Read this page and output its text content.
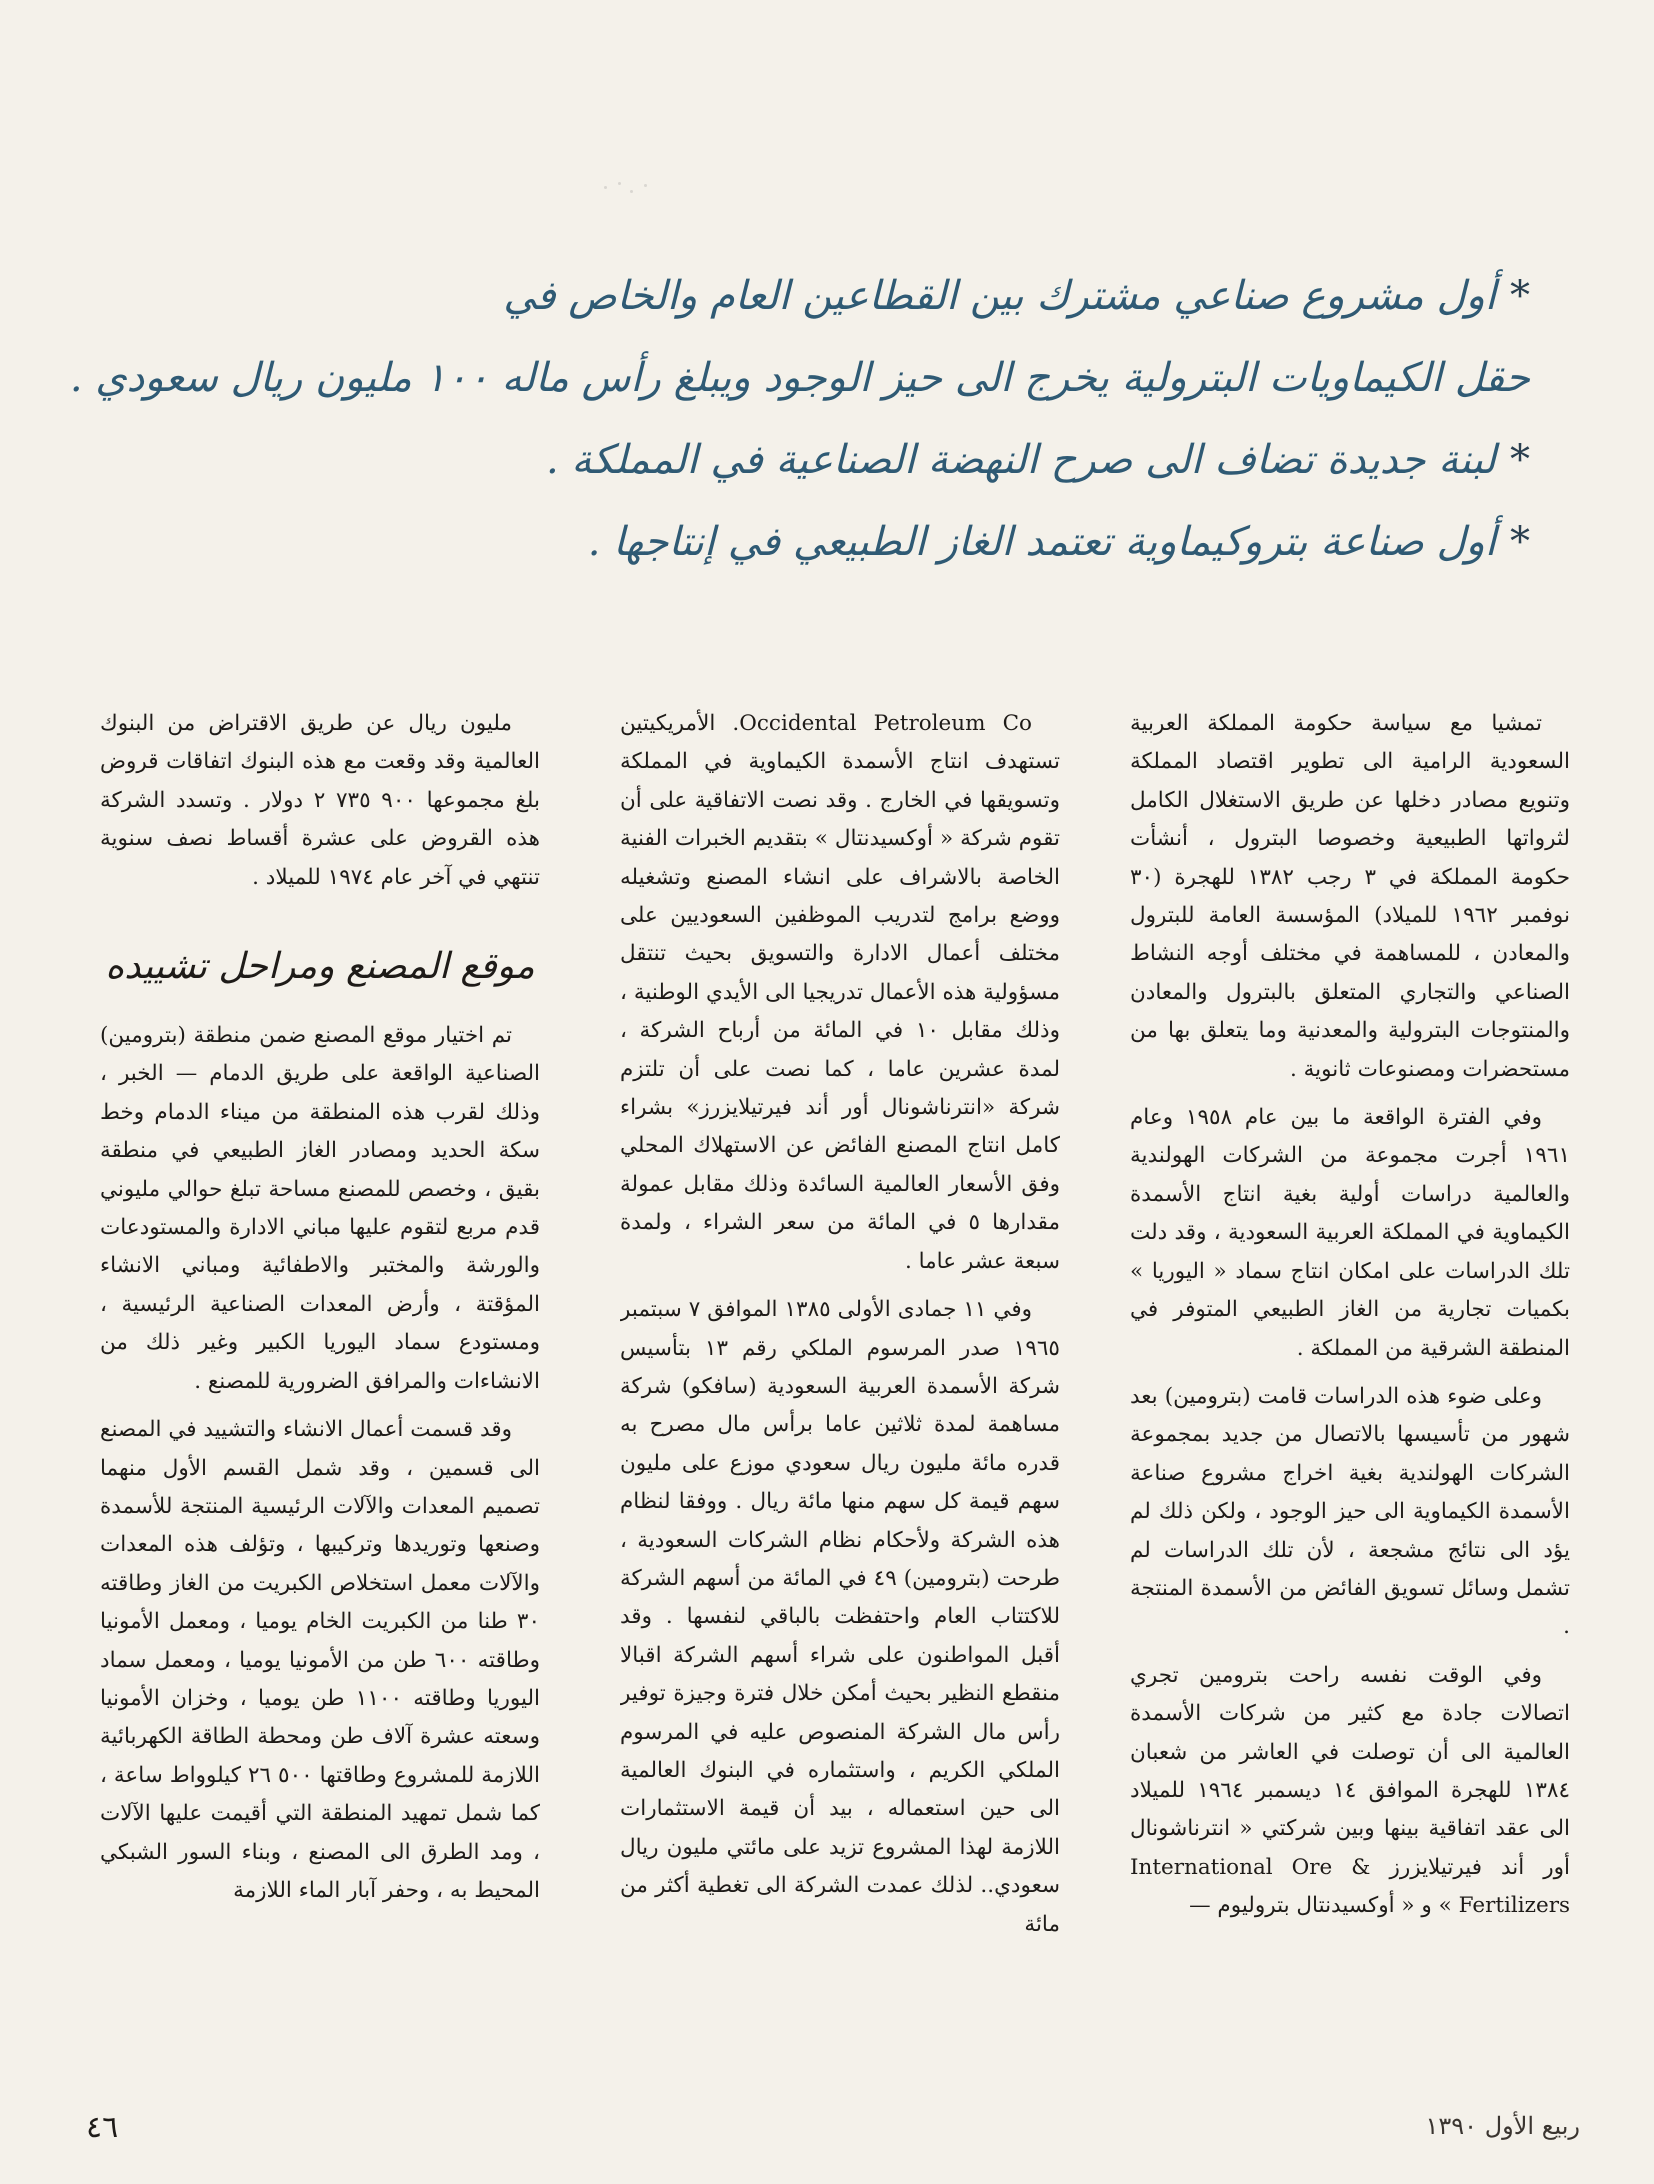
*أول مشروع صناعي مشترك بين القطاعين العام والخاص في
حقل الكيماويات البترولية يخرج الى حيز الوجود ويبلغ رأس ماله ١٠٠ مليون ريال سعودي .
*لبنة جديدة تضاف الى صرح النهضة الصناعية في المملكة .
*أول صناعة بتروكيماوية تعتمد الغاز الطبيعي في إنتاجها .

تمشيا مع سياسة حكومة المملكة العربية السعودية الرامية الى تطوير اقتصاد المملكة وتنويع مصادر دخلها عن طريق الاستغلال الكامل لثرواتها الطبيعية وخصوصا البترول ، أنشأت حكومة المملكة في ٣ رجب ١٣٨٢ للهجرة (٣٠ نوفمبر ١٩٦٢ للميلاد) المؤسسة العامة للبترول والمعادن ، للمساهمة في مختلف أوجه النشاط الصناعي والتجاري المتعلق بالبترول والمعادن والمنتوجات البترولية والمعدنية وما يتعلق بها من مستحضرات ومصنوعات ثانوية .

وفي الفترة الواقعة ما بين عام ١٩٥٨ وعام ١٩٦١ أجرت مجموعة من الشركات الهولندية والعالمية دراسات أولية بغية انتاج الأسمدة الكيماوية في المملكة العربية السعودية ، وقد دلت تلك الدراسات على امكان انتاج سماد « اليوريا » بكميات تجارية من الغاز الطبيعي المتوفر في المنطقة الشرقية من المملكة .

وعلى ضوء هذه الدراسات قامت (بترومين) بعد شهور من تأسيسها بالاتصال من جديد بمجموعة الشركات الهولندية بغية اخراج مشروع صناعة الأسمدة الكيماوية الى حيز الوجود ، ولكن ذلك لم يؤد الى نتائج مشجعة ، لأن تلك الدراسات لم تشمل وسائل تسويق الفائض من الأسمدة المنتجة .

وفي الوقت نفسه راحت بترومين تجري اتصالات جادة مع كثير من شركات الأسمدة العالمية الى أن توصلت في العاشر من شعبان ١٣٨٤ للهجرة الموافق ١٤ ديسمبر ١٩٦٤ للميلاد الى عقد اتفاقية بينها وبين شركتي « انترناشونال أور أند فيرتيلايزرز International Ore & Fertilizers » و « أوكسيدنتال بتروليوم —

Occidental Petroleum Co. الأمريكيتين تستهدف انتاج الأسمدة الكيماوية في المملكة وتسويقها في الخارج . وقد نصت الاتفاقية على أن تقوم شركة « أوكسيدنتال » بتقديم الخبرات الفنية الخاصة بالاشراف على انشاء المصنع وتشغيله ووضع برامج لتدريب الموظفين السعوديين على مختلف أعمال الادارة والتسويق بحيث تنتقل مسؤولية هذه الأعمال تدريجيا الى الأيدي الوطنية ، وذلك مقابل ١٠ في المائة من أرباح الشركة ، لمدة عشرين عاما ، كما نصت على أن تلتزم شركة «انترناشونال أور أند فيرتيلايزرز» بشراء كامل انتاج المصنع الفائض عن الاستهلاك المحلي وفق الأسعار العالمية السائدة وذلك مقابل عمولة مقدارها ٥ في المائة من سعر الشراء ، ولمدة سبعة عشر عاما .

وفي ١١ جمادى الأولى ١٣٨٥ الموافق ٧ سبتمبر ١٩٦٥ صدر المرسوم الملكي رقم ١٣ بتأسيس شركة الأسمدة العربية السعودية (سافكو) شركة مساهمة لمدة ثلاثين عاما برأس مال مصرح به قدره مائة مليون ريال سعودي موزع على مليون سهم قيمة كل سهم منها مائة ريال . ووفقا لنظام هذه الشركة ولأحكام نظام الشركات السعودية ، طرحت (بترومين) ٤٩ في المائة من أسهم الشركة للاكتتاب العام واحتفظت بالباقي لنفسها . وقد أقبل المواطنون على شراء أسهم الشركة اقبالا منقطع النظير بحيث أمكن خلال فترة وجيزة توفير رأس مال الشركة المنصوص عليه في المرسوم الملكي الكريم ، واستثماره في البنوك العالمية الى حين استعماله ، بيد أن قيمة الاستثمارات اللازمة لهذا المشروع تزيد على مائتي مليون ريال سعودي.. لذلك عمدت الشركة الى تغطية أكثر من مائة

مليون ريال عن طريق الاقتراض من البنوك العالمية وقد وقعت مع هذه البنوك اتفاقات قروض بلغ مجموعها ٩٠٠ ٧٣٥ ٢ دولار . وتسدد الشركة هذه القروض على عشرة أقساط نصف سنوية تنتهي في آخر عام ١٩٧٤ للميلاد .

موقع المصنع ومراحل تشييده

تم اختيار موقع المصنع ضمن منطقة (بترومين) الصناعية الواقعة على طريق الدمام — الخبر ، وذلك لقرب هذه المنطقة من ميناء الدمام وخط سكة الحديد ومصادر الغاز الطبيعي في منطقة بقيق ، وخصص للمصنع مساحة تبلغ حوالي مليوني قدم مربع لتقوم عليها مباني الادارة والمستودعات والورشة والمختبر والاطفائية ومباني الانشاء المؤقتة ، وأرض المعدات الصناعية الرئيسية ، ومستودع سماد اليوريا الكبير وغير ذلك من الانشاءات والمرافق الضرورية للمصنع .

وقد قسمت أعمال الانشاء والتشييد في المصنع الى قسمين ، وقد شمل القسم الأول منهما تصميم المعدات والآلات الرئيسية المنتجة للأسمدة وصنعها وتوريدها وتركيبها ، وتؤلف هذه المعدات والآلات معمل استخلاص الكبريت من الغاز وطاقته ٣٠ طنا من الكبريت الخام يوميا ، ومعمل الأمونيا وطاقته ٦٠٠ طن من الأمونيا يوميا ، ومعمل سماد اليوريا وطاقته ١١٠٠ طن يوميا ، وخزان الأمونيا وسعته عشرة آلاف طن ومحطة الطاقة الكهربائية اللازمة للمشروع وطاقتها ٥٠٠ ٢٦ كيلوواط ساعة ، كما شمل تمهيد المنطقة التي أقيمت عليها الآلات ، ومد الطرق الى المصنع ، وبناء السور الشبكي المحيط به ، وحفر آبار الماء اللازمة

٤٦	ربيع الأول ١٣٩٠
